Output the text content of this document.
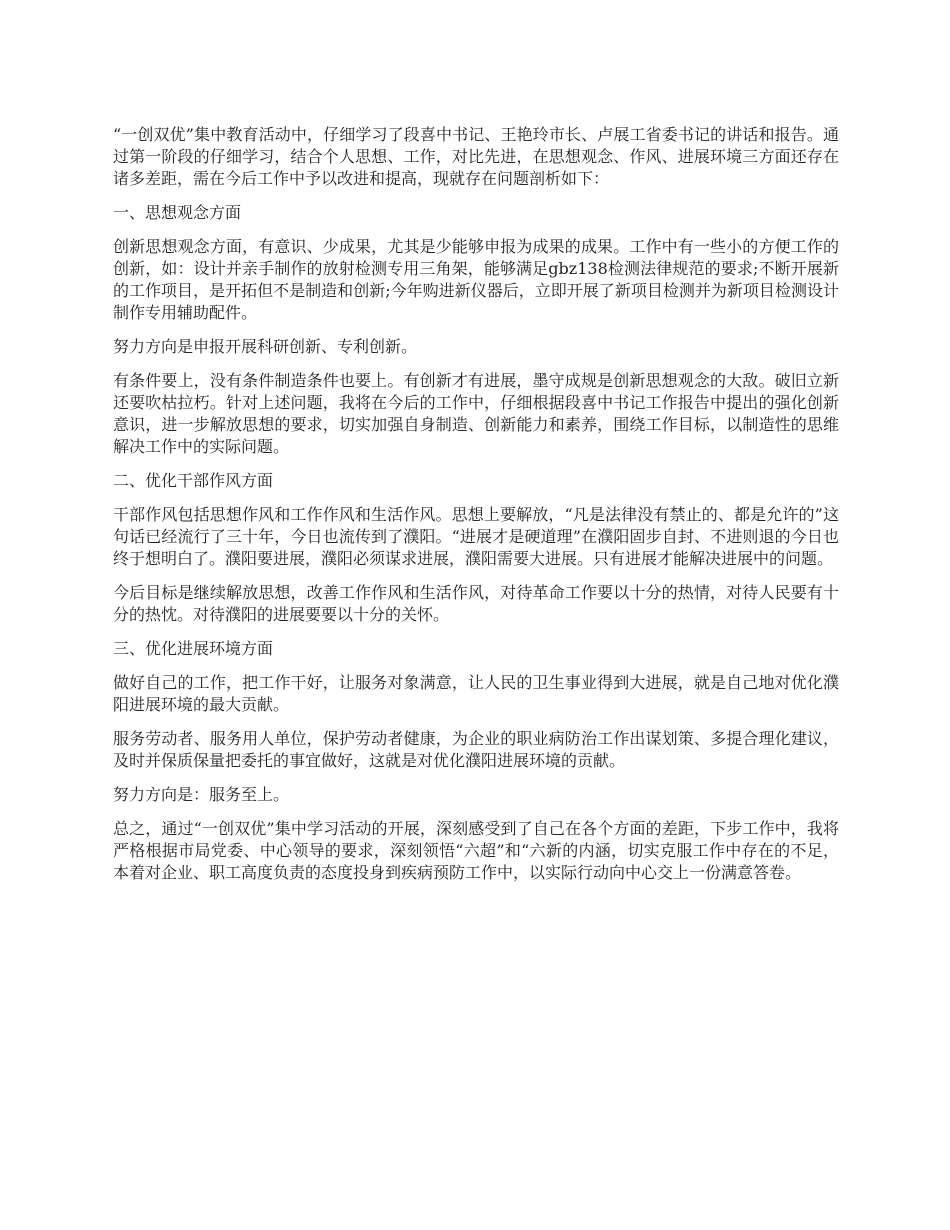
“一创双优”集中教育活动中，仔细学习了段喜中书记、王艳玲市长、卢展工省委书记的讲话和报告。通过第一阶段的仔细学习，结合个人思想、工作，对比先进，在思想观念、作风、进展环境三方面还存在诸多差距，需在今后工作中予以改进和提高，现就存在问题剖析如下：

一、思想观念方面

创新思想观念方面，有意识、少成果，尤其是少能够申报为成果的成果。工作中有一些小的方便工作的创新，如：设计并亲手制作的放射检测专用三角架，能够满足gbz138检测法律规范的要求;不断开展新的工作项目，是开拓但不是制造和创新;今年购进新仪器后，立即开展了新项目检测并为新项目检测设计制作专用辅助配件。

努力方向是申报开展科研创新、专利创新。

有条件要上，没有条件制造条件也要上。有创新才有进展，墨守成规是创新思想观念的大敌。破旧立新还要吹枯拉朽。针对上述问题，我将在今后的工作中，仔细根据段喜中书记工作报告中提出的强化创新意识，进一步解放思想的要求，切实加强自身制造、创新能力和素养，围绕工作目标，以制造性的思维解决工作中的实际问题。

二、优化干部作风方面

干部作风包括思想作风和工作作风和生活作风。思想上要解放，“凡是法律没有禁止的、都是允许的”这句话已经流行了三十年，今日也流传到了濮阳。“进展才是硬道理”在濮阳固步自封、不进则退的今日也终于想明白了。濮阳要进展，濮阳必须谋求进展，濮阳需要大进展。只有进展才能解决进展中的问题。

今后目标是继续解放思想，改善工作作风和生活作风，对待革命工作要以十分的热情，对待人民要有十分的热忱。对待濮阳的进展要要以十分的关怀。

三、优化进展环境方面

做好自己的工作，把工作干好，让服务对象满意，让人民的卫生事业得到大进展，就是自己地对优化濮阳进展环境的最大贡献。

服务劳动者、服务用人单位，保护劳动者健康，为企业的职业病防治工作出谋划策、多提合理化建议，及时并保质保量把委托的事宜做好，这就是对优化濮阳进展环境的贡献。

努力方向是：服务至上。

总之，通过“一创双优”集中学习活动的开展，深刻感受到了自己在各个方面的差距，下步工作中，我将严格根据市局党委、中心领导的要求，深刻领悟“六超”和“六新的内涵，切实克服工作中存在的不足，本着对企业、职工高度负责的态度投身到疾病预防工作中，以实际行动向中心交上一份满意答卷。
